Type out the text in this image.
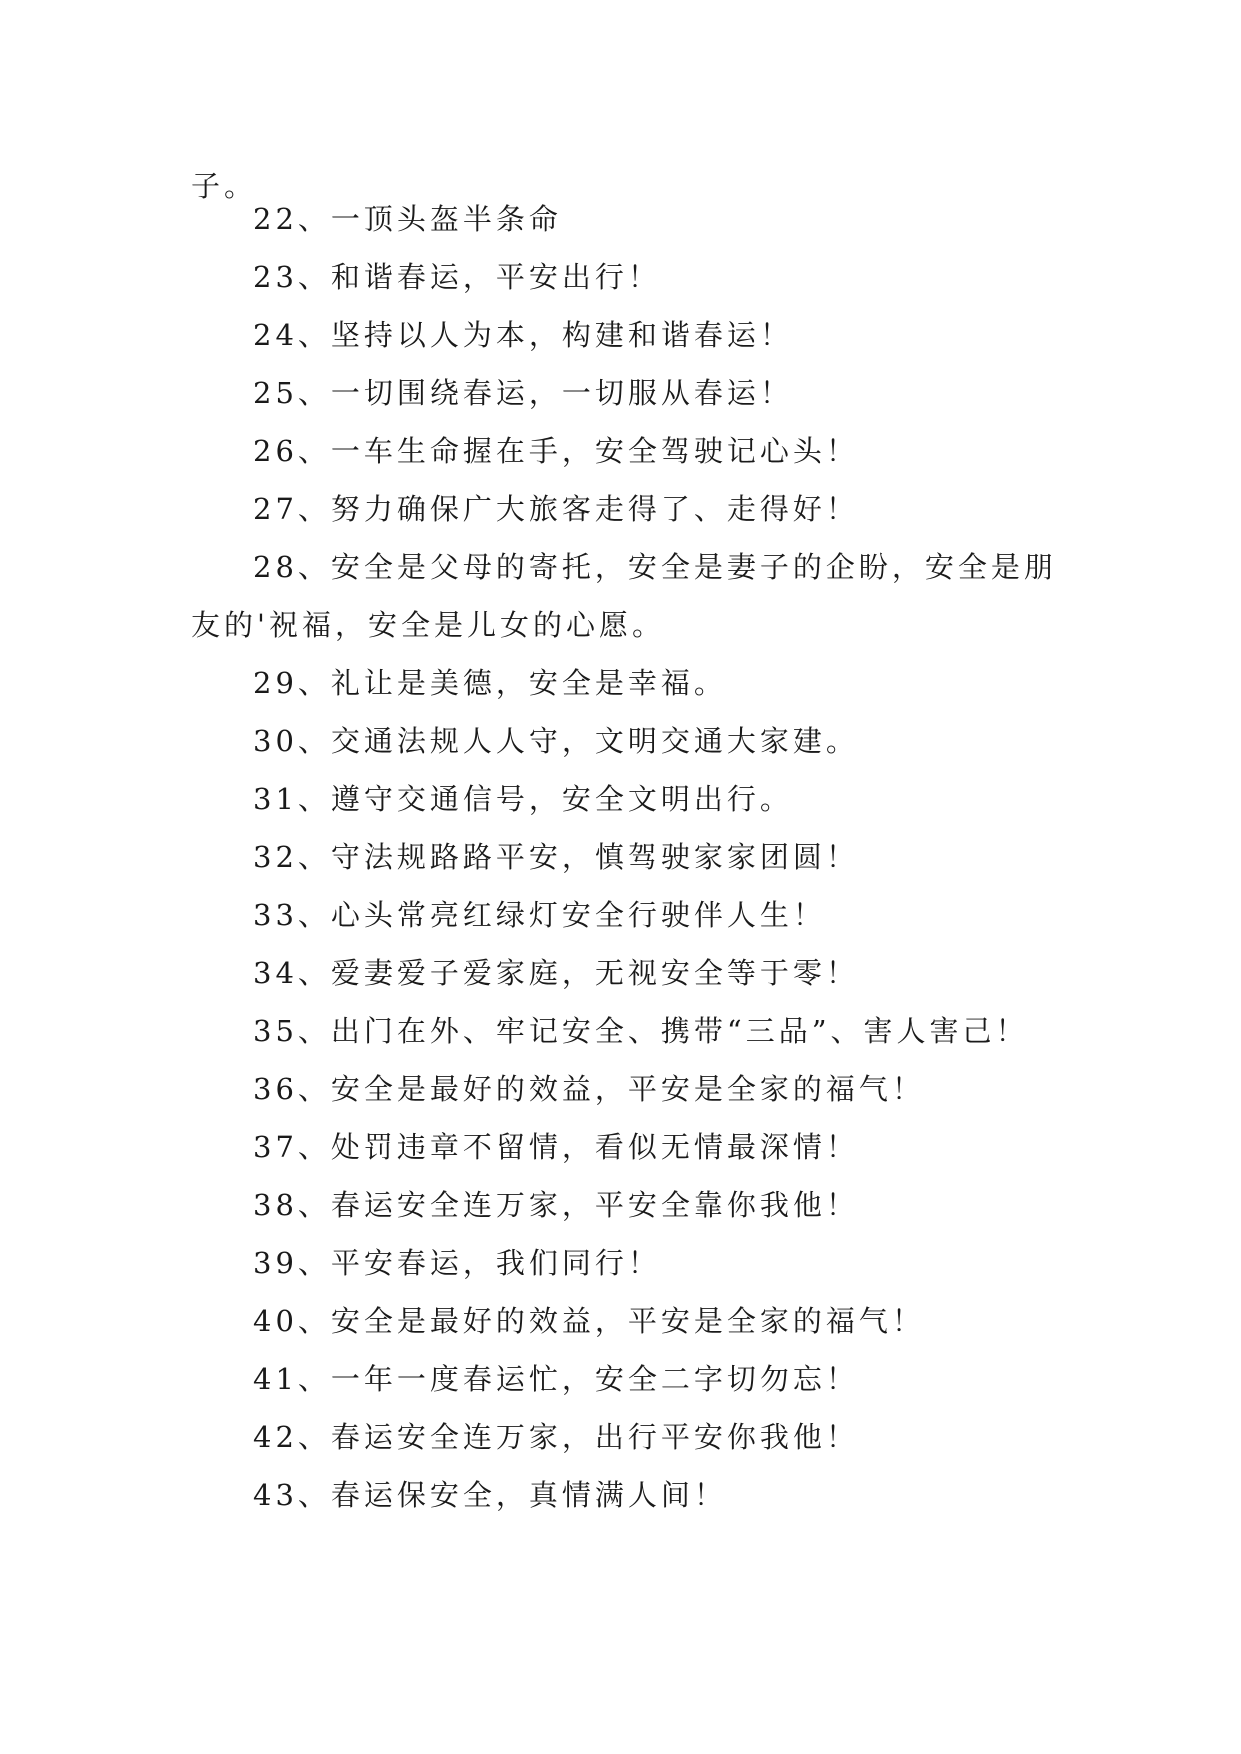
子。

22、一顶头盔半条命

23、和谐春运，平安出行！

24、坚持以人为本，构建和谐春运！

25、一切围绕春运，一切服从春运！

26、一车生命握在手，安全驾驶记心头！

27、努力确保广大旅客走得了、走得好！

28、安全是父母的寄托，安全是妻子的企盼，安全是朋友的'祝福，安全是儿女的心愿。

29、礼让是美德，安全是幸福。

30、交通法规人人守，文明交通大家建。

31、遵守交通信号，安全文明出行。

32、守法规路路平安，慎驾驶家家团圆！

33、心头常亮红绿灯安全行驶伴人生！

34、爱妻爱子爱家庭，无视安全等于零！

35、出门在外、牢记安全、携带“三品”、害人害己！

36、安全是最好的效益，平安是全家的福气！

37、处罚违章不留情，看似无情最深情！

38、春运安全连万家，平安全靠你我他！

39、平安春运，我们同行！

40、安全是最好的效益，平安是全家的福气！

41、一年一度春运忙，安全二字切勿忘！

42、春运安全连万家，出行平安你我他！

43、春运保安全，真情满人间！
